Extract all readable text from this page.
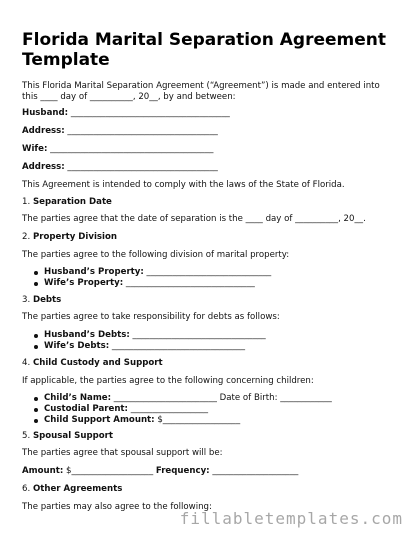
Florida Marital Separation Agreement
Template

This Florida Marital Separation Agreement (“Agreement”) is made and entered into this ____ day of __________, 20__, by and between:

Husband: _____________________________________
Address: ___________________________________
Wife: ______________________________________
Address: ___________________________________

This Agreement is intended to comply with the laws of the State of Florida.

1. Separation Date

The parties agree that the date of separation is the ____ day of __________, 20__.

2. Property Division

The parties agree to the following division of marital property:

Husband’s Property: _____________________________
Wife’s Property: ______________________________
3. Debts

The parties agree to take responsibility for debts as follows:

Husband’s Debts: _______________________________
Wife’s Debts: _______________________________
4. Child Custody and Support

If applicable, the parties agree to the following concerning children:

Child’s Name: ________________________ Date of Birth: ____________
Custodial Parent: __________________
Child Support Amount: $__________________
5. Spousal Support

The parties agree that spousal support will be:

Amount: $___________________ Frequency: ____________________
6. Other Agreements

The parties may also agree to the following:

fillabletemplates.com
